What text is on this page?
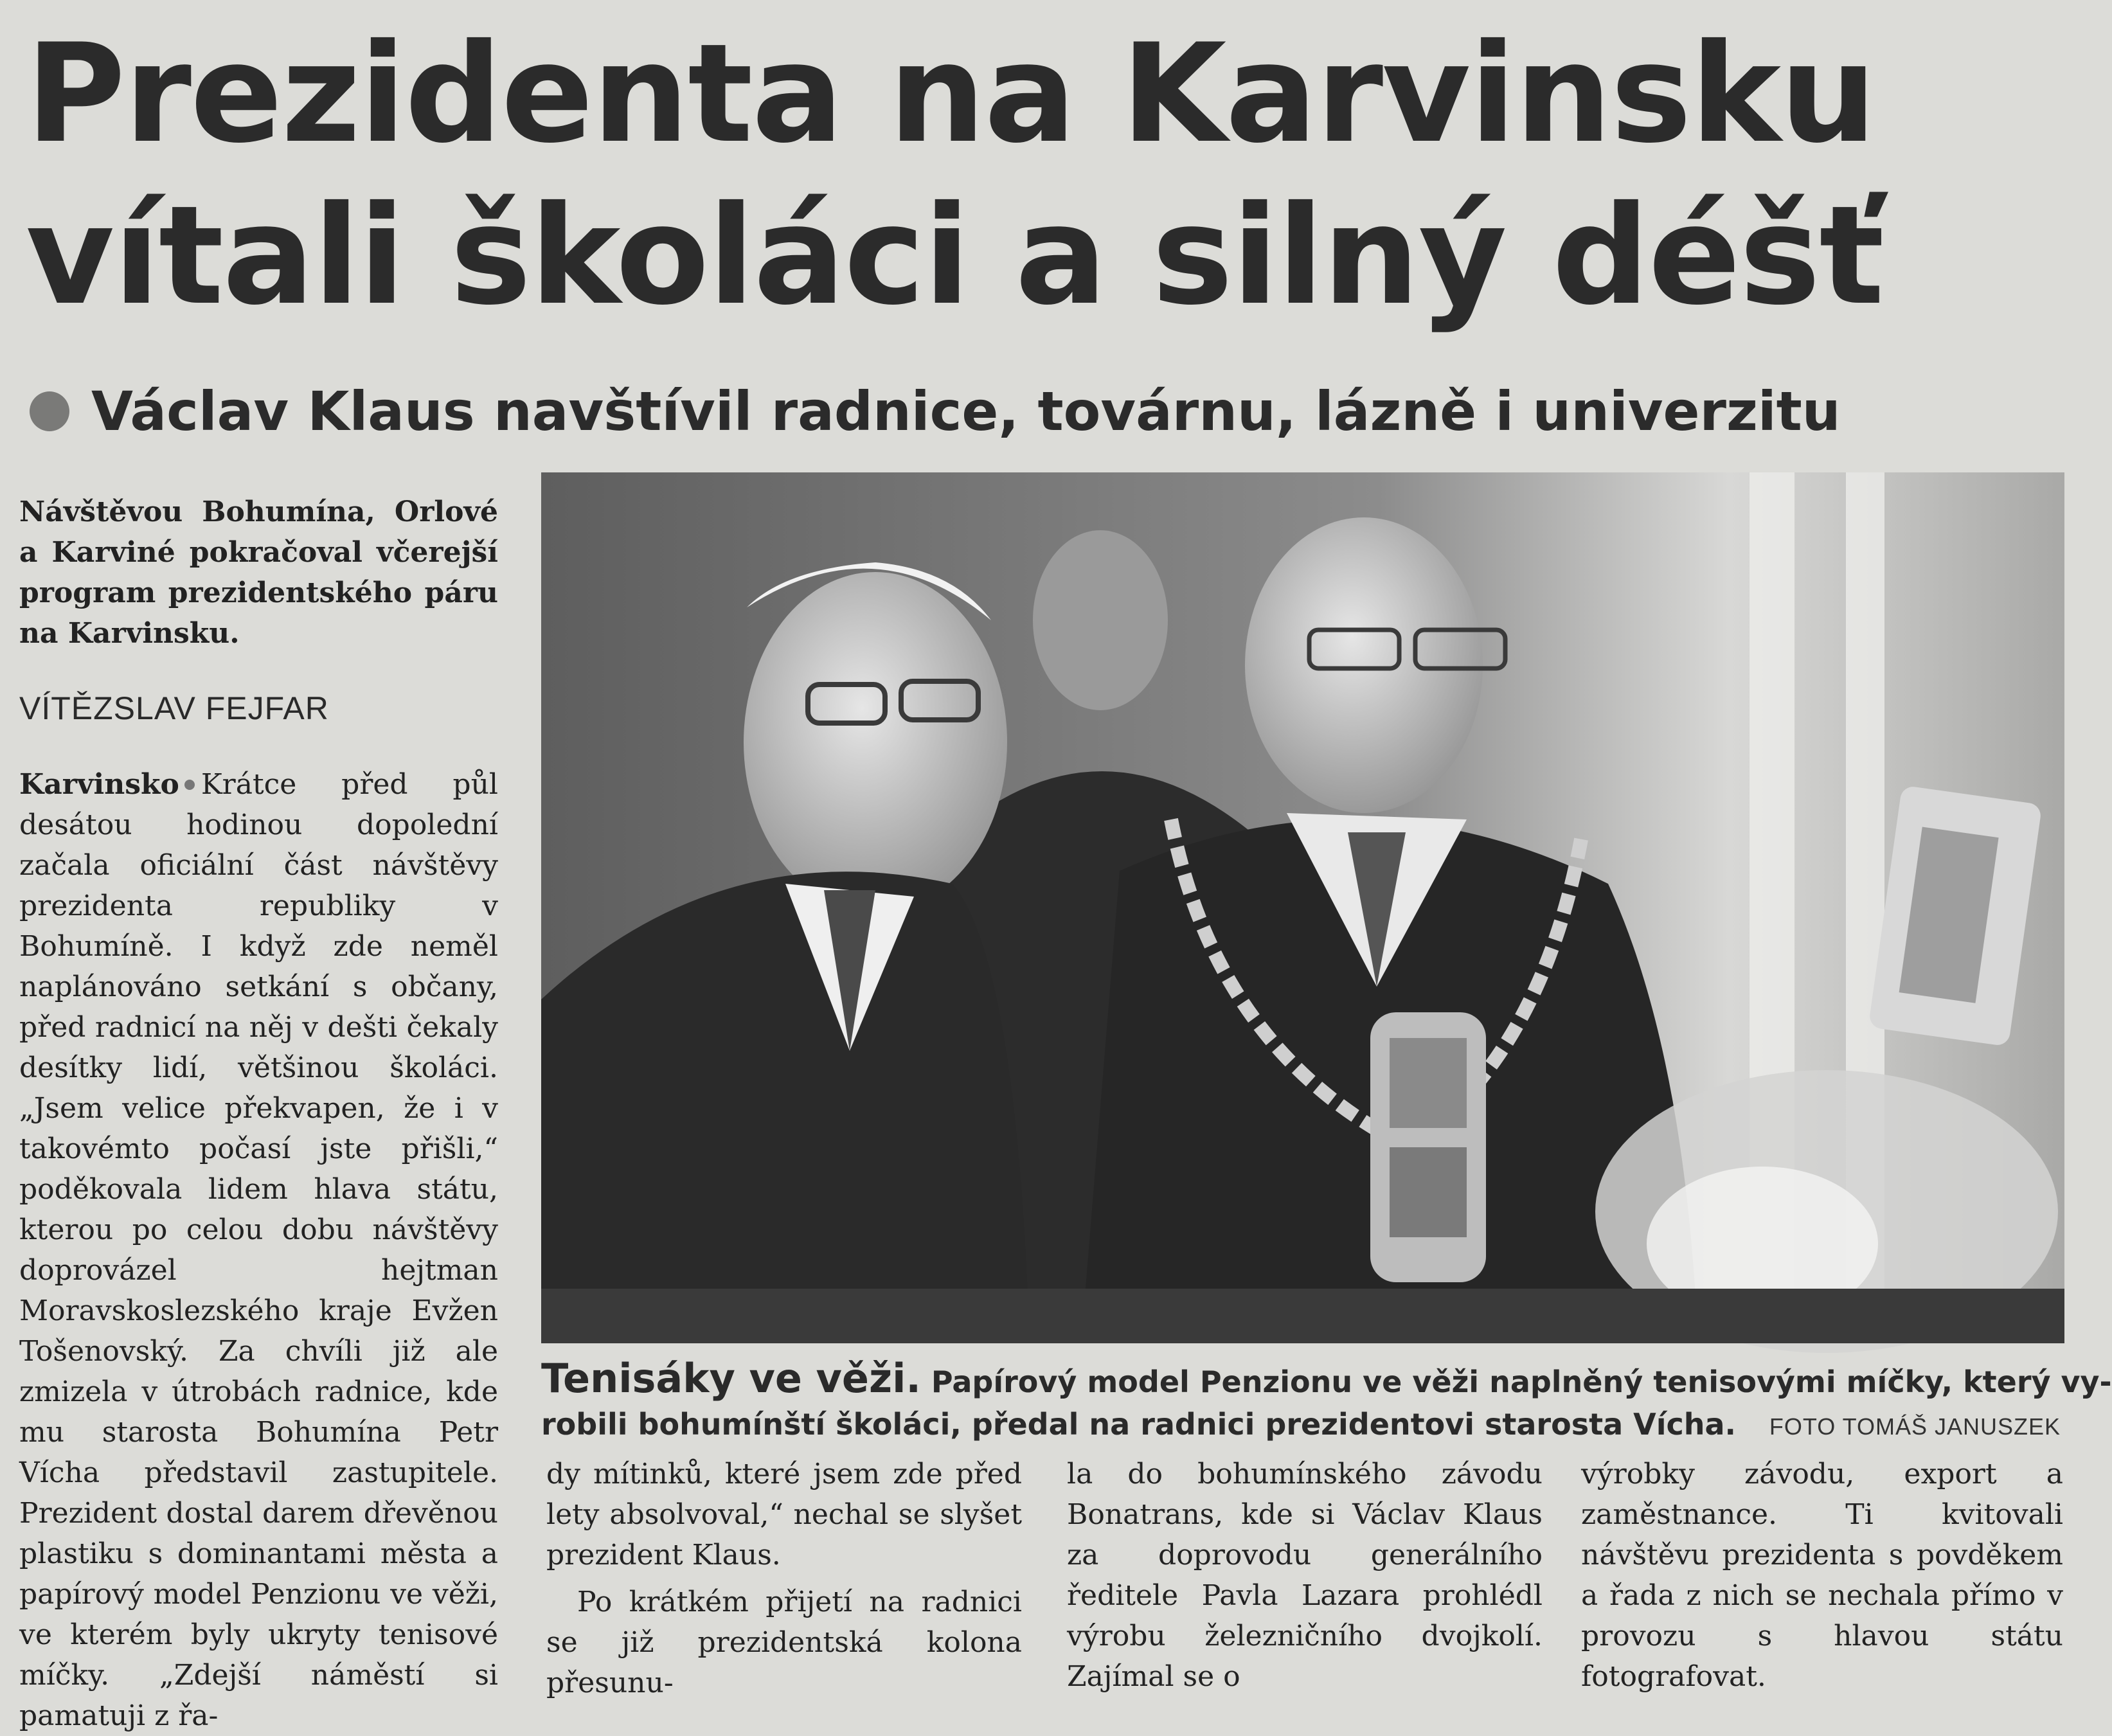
Prezidenta na Karvinsku
vítali školáci a silný déšť
Václav Klaus navštívil radnice, továrnu, lázně i univerzitu

Návštěvou Bohumína, Orlové a Karviné pokračoval včerejší program prezidentského páru na Karvinsku.

VÍTĚZSLAV FEJFAR

Karvinsko Krátce před půl desátou hodinou dopolední začala oficiální část návštěvy prezidenta republiky v Bohumíně. I když zde neměl naplánováno setkání s občany, před radnicí na něj v dešti čekaly desítky lidí, většinou školáci. „Jsem velice překvapen, že i v takovémto počasí jste přišli,“ poděkovala lidem hlava státu, kterou po celou dobu návštěvy doprovázel hejtman Moravskoslezského kraje Evžen Tošenovský. Za chvíli již ale zmizela v útrobách radnice, kde mu starosta Bohumína Petr Vícha představil zastupitele. Prezident dostal darem dřevěnou plastiku s dominantami města a papírový model Penzionu ve věži, ve kterém byly ukryty tenisové míčky. „Zdejší náměstí si pamatuji z řa-

Tenisáky ve věži. Papírový model Penzionu ve věži naplněný tenisovými míčky, který vy-
robili bohumínští školáci, předal na radnici prezidentovi starosta Vícha. FOTO TOMÁŠ JANUSZEK

dy mítinků, které jsem zde před lety absolvoval,“ nechal se slyšet prezident Klaus.

Po krátkém přijetí na radnici se již prezidentská kolona přesunu-

la do bohumínského závodu Bonatrans, kde si Václav Klaus za doprovodu generálního ředitele Pavla Lazara prohlédl výrobu železničního dvojkolí. Zajímal se o

výrobky závodu, export a zaměstnance. Ti kvitovali návštěvu prezidenta s povděkem a řada z nich se nechala přímo v provozu s hlavou státu fotografovat.
